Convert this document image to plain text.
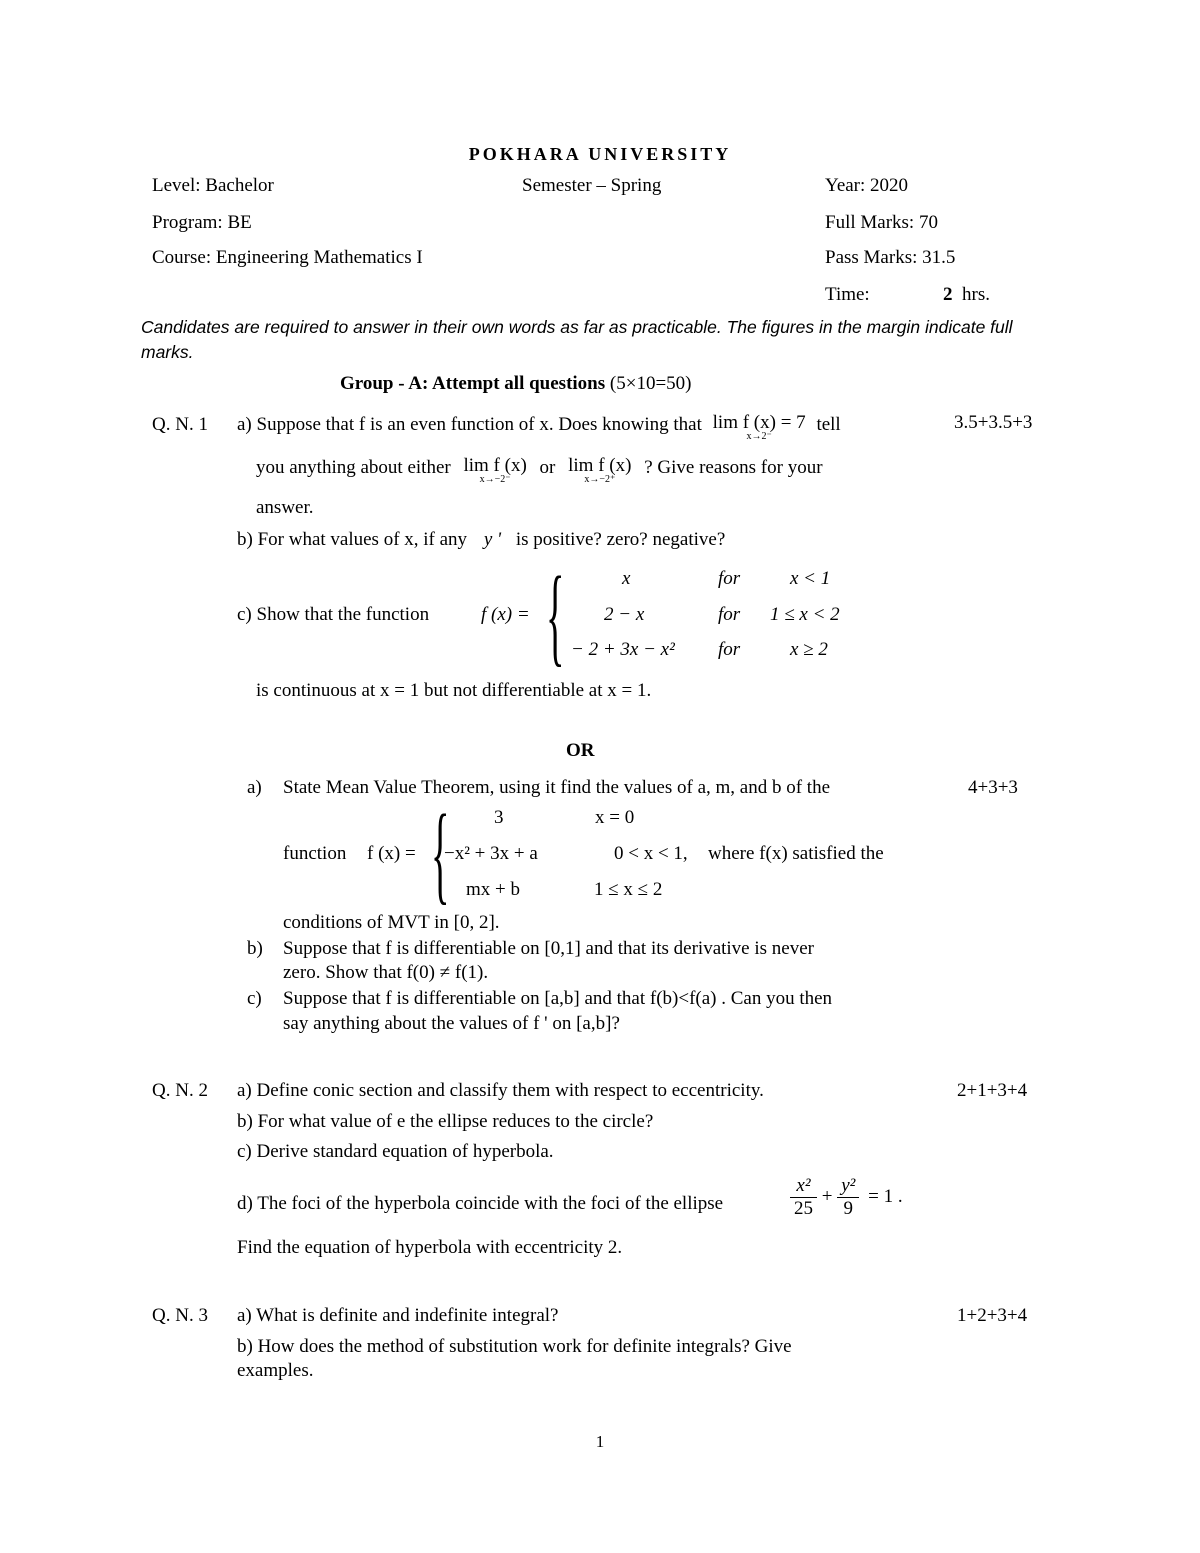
POKHARA UNIVERSITY
Level: Bachelor	Semester – Spring	Year: 2020
Program: BE	Full Marks: 70
Course: Engineering Mathematics I	Pass Marks: 31.5
Time:	2 hrs.
Candidates are required to answer in their own words as far as practicable. The figures in the margin indicate full marks.
Group - A: Attempt all questions (5×10=50)
Q. N. 1	3.5+3.5+3
a) Suppose that f is an even function of x. Does knowing that lim f (x) = 7
x→2⁻
tell
you anything about either lim f (x)
x→−2⁻
or lim f (x)
x→−2⁺
? Give reasons for your
answer.
b) For what values of x, if any y ' is positive? zero? negative?
c) Show that the function	f (x) = {	x	for	x < 1
2 − x	for 1 ≤ x < 2
− 2 + 3x − x² for	x ≥ 2
is continuous at x = 1 but not differentiable at x = 1.
OR
4+3+3
a) State Mean Value Theorem, using it find the values of a, m, and b of the
function f (x) = { 3	x = 0
−x² + 3x + a	0 < x < 1, where f(x) satisfied the
mx + b	1 ≤ x ≤ 2
conditions of MVT in [0, 2].
b) Suppose that f is differentiable on [0,1] and that its derivative is never
zero. Show that f(0) ≠ f(1).
c) Suppose that f is differentiable on [a,b] and that f(b)<f(a) . Can you then
say anything about the values of f ' on [a,b]?
Q. N. 2	2+1+3+4
a) Define conic section and classify them with respect to eccentricity.
b) For what value of e the ellipse reduces to the circle?
c) Derive standard equation of hyperbola.
d) The foci of the hyperbola coincide with the foci of the ellipse	$\frac{\text{x²}}{25} + \frac{\text{y²}}{9} = 1$ .
Find the equation of hyperbola with eccentricity 2.
Q. N. 3	1+2+3+4
a) What is definite and indefinite integral?
b) How does the method of substitution work for definite integrals? Give
examples.
1
